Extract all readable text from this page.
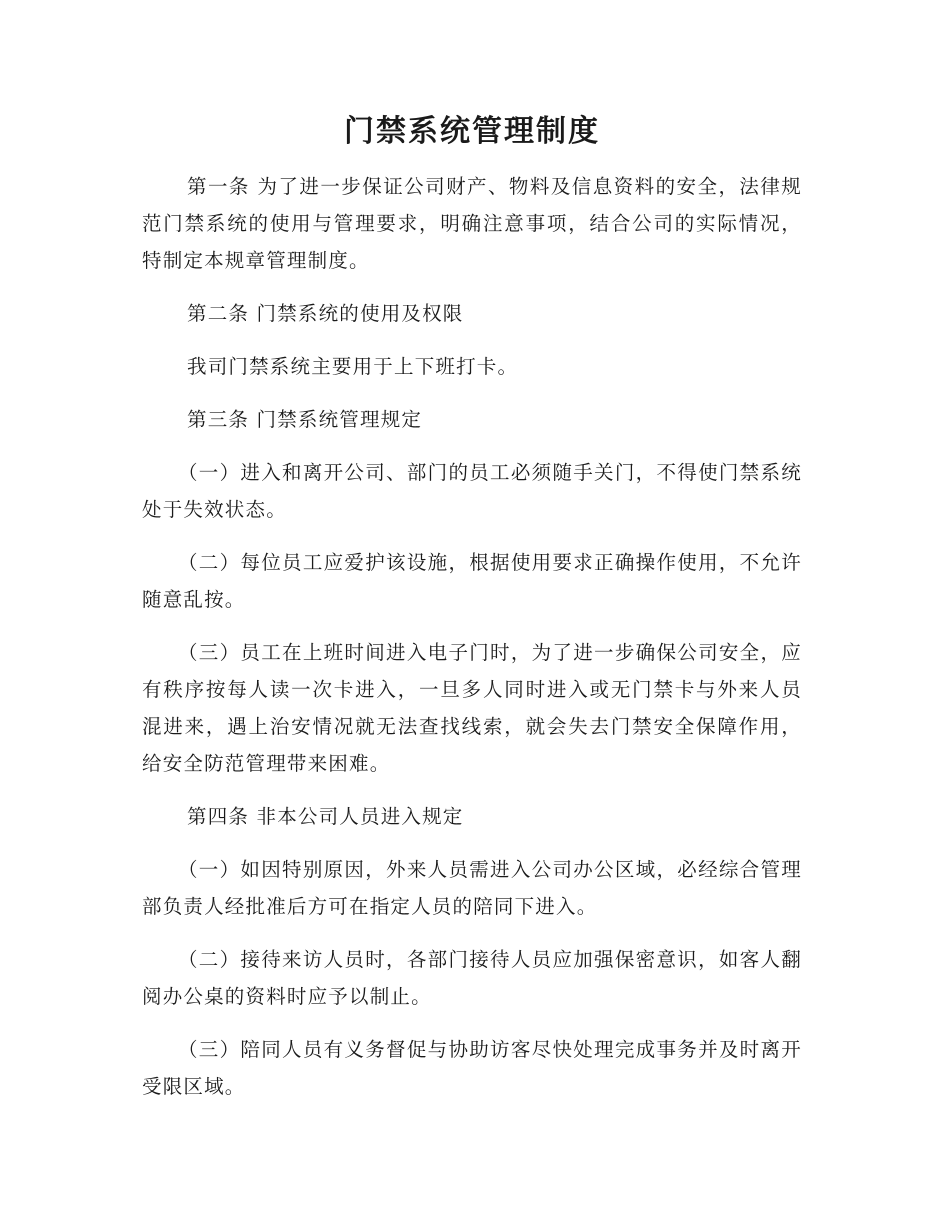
门禁系统管理制度

第一条 为了进一步保证公司财产、物料及信息资料的安全，法律规范门禁系统的使用与管理要求，明确注意事项，结合公司的实际情况，特制定本规章管理制度。

第二条 门禁系统的使用及权限

我司门禁系统主要用于上下班打卡。

第三条 门禁系统管理规定

（一）进入和离开公司、部门的员工必须随手关门，不得使门禁系统处于失效状态。

（二）每位员工应爱护该设施，根据使用要求正确操作使用，不允许随意乱按。

（三）员工在上班时间进入电子门时，为了进一步确保公司安全，应有秩序按每人读一次卡进入，一旦多人同时进入或无门禁卡与外来人员混进来，遇上治安情况就无法查找线索，就会失去门禁安全保障作用，给安全防范管理带来困难。

第四条 非本公司人员进入规定

（一）如因特别原因，外来人员需进入公司办公区域，必经综合管理部负责人经批准后方可在指定人员的陪同下进入。

（二）接待来访人员时，各部门接待人员应加强保密意识，如客人翻阅办公桌的资料时应予以制止。

（三）陪同人员有义务督促与协助访客尽快处理完成事务并及时离开受限区域。
